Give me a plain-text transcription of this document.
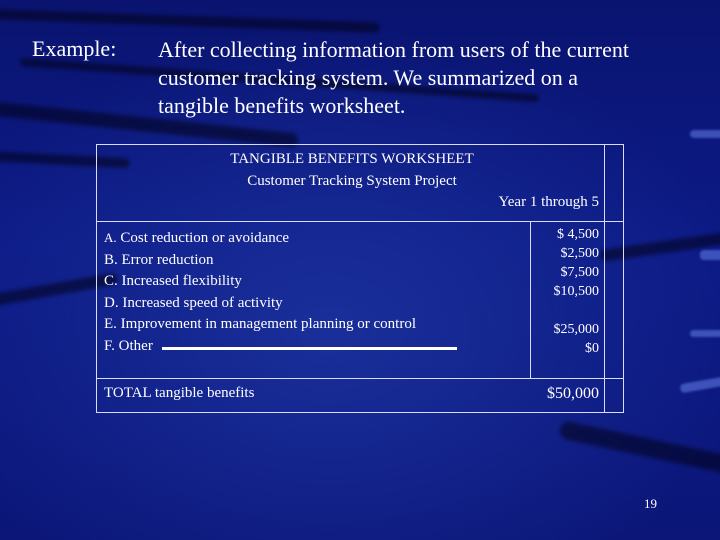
Example: After collecting information from users of the current
customer tracking system. We summarized on a
tangible benefits worksheet.
TANGIBLE BENEFITS WORKSHEET
Customer Tracking System Project
Year 1 through 5
A. Cost reduction or avoidance
B. Error reduction
C. Increased flexibility
D. Increased speed of activity
E. Improvement in management planning or control
F. Other
$ 4,500
$2,500
$7,500
$10,500
$25,000
$0
TOTAL tangible benefits	$50,000
19
